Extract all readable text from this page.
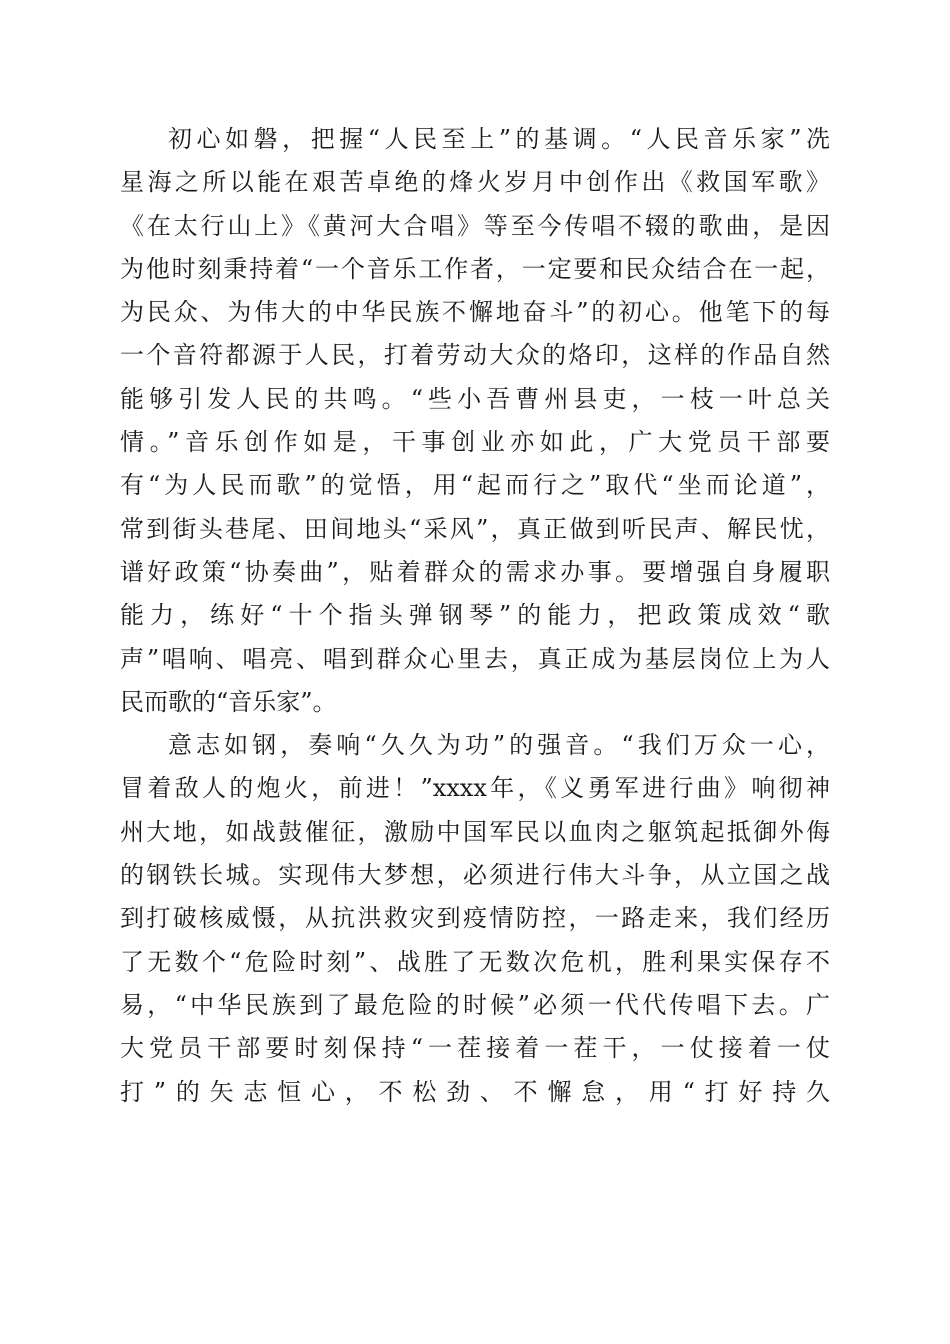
初心如磐，把握“人民至上”的基调。“人民音乐家”冼
星海之所以能在艰苦卓绝的烽火岁月中创作出《救国军歌》
《在太行山上》《黄河大合唱》等至今传唱不辍的歌曲，是因
为他时刻秉持着“一个音乐工作者，一定要和民众结合在一起，
为民众、为伟大的中华民族不懈地奋斗”的初心。他笔下的每
一个音符都源于人民，打着劳动大众的烙印，这样的作品自然
能够引发人民的共鸣。“些小吾曹州县吏，一枝一叶总关
情。”音乐创作如是，干事创业亦如此，广大党员干部要
有“为人民而歌”的觉悟，用“起而行之”取代“坐而论道”，
常到街头巷尾、田间地头“采风”，真正做到听民声、解民忧，
谱好政策“协奏曲”，贴着群众的需求办事。要增强自身履职
能力，练好“十个指头弹钢琴”的能力，把政策成效“歌
声”唱响、唱亮、唱到群众心里去，真正成为基层岗位上为人
民而歌的“音乐家”。
意志如钢，奏响“久久为功”的强音。“我们万众一心，
冒着敌人的炮火，前进！”xxxx年，《义勇军进行曲》响彻神
州大地，如战鼓催征，激励中国军民以血肉之躯筑起抵御外侮
的钢铁长城。实现伟大梦想，必须进行伟大斗争，从立国之战
到打破核威慑，从抗洪救灾到疫情防控，一路走来，我们经历
了无数个“危险时刻”、战胜了无数次危机，胜利果实保存不
易，“中华民族到了最危险的时候”必须一代代传唱下去。广
大党员干部要时刻保持“一茬接着一茬干，一仗接着一仗
打”的矢志恒心，不松劲、不懈怠，用“打好持久
